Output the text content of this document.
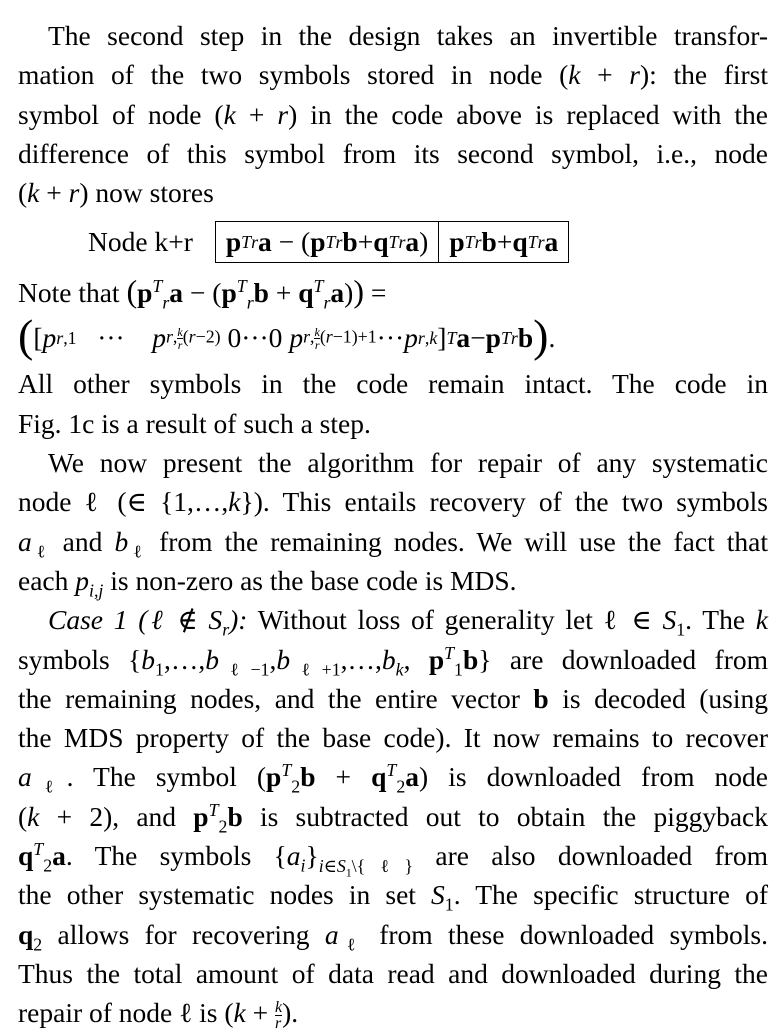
The second step in the design takes an invertible transfor-
mation of the two symbols stored in node (k + r): the first
symbol of node (k + r) in the code above is replaced with the
difference of this symbol from its second symbol, i.e., node
(k + r) now stores
Node k+r p T r a − ( p T r b + q T r a ) p T r b + q T r a
Note that $(p^T_ra - (p^T_rb + q^T_ra))$ =
( [ p r,1 ··· p r, $\frac{k}{r} (r-2)$ 0···0 p r, $\frac{k}{r} (r-1)+1$ ··· p r,k ] T a − p T r b ) .
All other symbols in the code remain intact. The code in
Fig. 1c is a result of such a step.
We now present the algorithm for repair of any systematic
node ℓ (∈ {1,…,k}). This entails recovery of the two symbols
$a_\ell$ and $b_\ell$ from the remaining nodes. We will use the fact that
each $p_{i,j}$ is non-zero as the base code is MDS.
Case 1 (ℓ ∉ $S_r$): Without loss of generality let ℓ ∈ $S_1$. The k
symbols {$b_1,\dots,b_{\ell-1},b_{\ell+1},\dots,b_k$, $p^T_1b$} are downloaded from
the remaining nodes, and the entire vector b is decoded (using
the MDS property of the base code). It now remains to recover
$a_\ell$. The symbol $(p^T_2b + q^T_2a)$ is downloaded from node
(k + 2), and $p^T_2b$ is subtracted out to obtain the piggyback
$q^T_2a$. The symbols $\{a_i\}_{i\in S_1\backslash\{\ell\}}$ are also downloaded from
the other systematic nodes in set $S_1$. The specific structure of
$q_2$ allows for recovering $a_\ell$ from these downloaded symbols.
Thus the total amount of data read and downloaded during the
repair of node ℓ is ($k + \frac{k}{r}$ ).
